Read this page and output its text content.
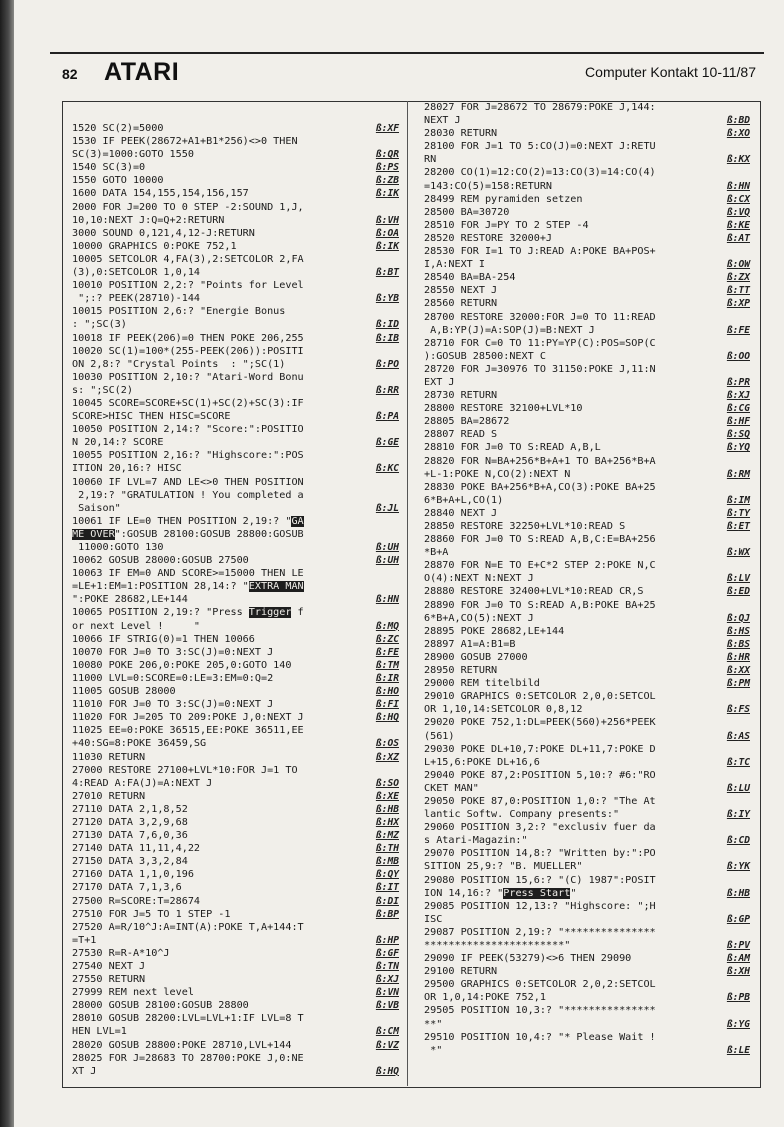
82 ATARI	Computer Kontakt 10-11/87
1520 SC(2)=5000	ß:XF
1530 IF PEEK(28672+A1+B1*256)<>0 THEN
SC(3)=1000:GOTO 1550	ß:QR
1540 SC(3)=0	ß:PS
1550 GOTO 10000	ß:ZB
1600 DATA 154,155,154,156,157	ß:IK
2000 FOR J=200 TO 0 STEP -2:SOUND 1,J,
10,10:NEXT J:Q=Q+2:RETURN	ß:VH
3000 SOUND 0,121,4,12-J:RETURN	ß:OA
10000 GRAPHICS 0:POKE 752,1	ß:IK
10005 SETCOLOR 4,FA(3),2:SETCOLOR 2,FA
(3),0:SETCOLOR 1,0,14	ß:BT
10010 POSITION 2,2:? "Points for Level
";:? PEEK(28710)-144	ß:YB
10015 POSITION 2,6:? "Energie Bonus
: ";SC(3)	ß:ID
10018 IF PEEK(206)=0 THEN POKE 206,255	ß:IB
10020 SC(1)=100*(255-PEEK(206)):POSITI
ON 2,8:? "Crystal Points  : ";SC(1)	ß:PO
10030 POSITION 2,10:? "Atari-Word Bonu
s: ";SC(2)	ß:RR
10045 SCORE=SCORE+SC(1)+SC(2)+SC(3):IF
SCORE>HISC THEN HISC=SCORE	ß:PA
10050 POSITION 2,14:? "Score:":POSITIO
N 20,14:? SCORE	ß:GE
10055 POSITION 2,16:? "Highscore:":POS
ITION 20,16:? HISC	ß:KC
10060 IF LVL=7 AND LE<>0 THEN POSITION
2,19:? "GRATULATION ! You completed a
Saison"	ß:JL
10061 IF LE=0 THEN POSITION 2,19:? "GA
ME OVER":GOSUB 28100:GOSUB 28800:GOSUB
11000:GOTO 130	ß:UH
10062 GOSUB 28000:GOSUB 27500	ß:UH
10063 IF EM=0 AND SCORE>=15000 THEN LE
=LE+1:EM=1:POSITION 28,14:? "EXTRA MAN
":POKE 28682,LE+144	ß:HN
10065 POSITION 2,19:? "Press Trigger f
or next Level !     "	ß:MQ
10066 IF STRIG(0)=1 THEN 10066	ß:ZC
10070 FOR J=0 TO 3:SC(J)=0:NEXT J	ß:FE
10080 POKE 206,0:POKE 205,0:GOTO 140	ß:TM
11000 LVL=0:SCORE=0:LE=3:EM=0:Q=2	ß:IR
11005 GOSUB 28000	ß:HO
11010 FOR J=0 TO 3:SC(J)=0:NEXT J	ß:FI
11020 FOR J=205 TO 209:POKE J,0:NEXT J	ß:HQ
11025 EE=0:POKE 36515,EE:POKE 36511,EE
+40:SG=8:POKE 36459,SG	ß:OS
11030 RETURN	ß:XZ
27000 RESTORE 27100+LVL*10:FOR J=1 TO
4:READ A:FA(J)=A:NEXT J	ß:SO
27010 RETURN	ß:XE
27110 DATA 2,1,8,52	ß:HB
27120 DATA 3,2,9,68	ß:HX
27130 DATA 7,6,0,36	ß:MZ
27140 DATA 11,11,4,22	ß:TH
27150 DATA 3,3,2,84	ß:MB
27160 DATA 1,1,0,196	ß:QY
27170 DATA 7,1,3,6	ß:IT
27500 R=SCORE:T=28674	ß:DI
27510 FOR J=5 TO 1 STEP -1	ß:BP
27520 A=R/10^J:A=INT(A):POKE T,A+144:T
=T+1	ß:HP
27530 R=R-A*10^J	ß:GF
27540 NEXT J	ß:TN
27550 RETURN	ß:XJ
27999 REM next level	ß:VN
28000 GOSUB 28100:GOSUB 28800	ß:VB
28010 GOSUB 28200:LVL=LVL+1:IF LVL=8 T
HEN LVL=1	ß:CM
28020 GOSUB 28800:POKE 28710,LVL+144	ß:VZ
28025 FOR J=28683 TO 28700:POKE J,0:NE
XT J	ß:HQ
28027 FOR J=28672 TO 28679:POKE J,144:
NEXT J	ß:BD
28030 RETURN	ß:XO
28100 FOR J=1 TO 5:CO(J)=0:NEXT J:RETU
RN	ß:KX
28200 CO(1)=12:CO(2)=13:CO(3)=14:CO(4)
=143:CO(5)=158:RETURN	ß:HN
28499 REM pyramiden setzen	ß:CX
28500 BA=30720	ß:VQ
28510 FOR J=PY TO 2 STEP -4	ß:KE
28520 RESTORE 32000+J	ß:AT
28530 FOR I=1 TO J:READ A:POKE BA+POS+
I,A:NEXT I	ß:OW
28540 BA=BA-254	ß:ZX
28550 NEXT J	ß:TT
28560 RETURN	ß:XP
28700 RESTORE 32000:FOR J=0 TO 11:READ
A,B:YP(J)=A:SOP(J)=B:NEXT J	ß:FE
28710 FOR C=0 TO 11:PY=YP(C):POS=SOP(C
):GOSUB 28500:NEXT C	ß:OO
28720 FOR J=30976 TO 31150:POKE J,11:N
EXT J	ß:PR
28730 RETURN	ß:XJ
28800 RESTORE 32100+LVL*10	ß:CG
28805 BA=28672	ß:HF
28807 READ S	ß:SQ
28810 FOR J=0 TO S:READ A,B,L	ß:YQ
28820 FOR N=BA+256*B+A+1 TO BA+256*B+A
+L-1:POKE N,CO(2):NEXT N	ß:RM
28830 POKE BA+256*B+A,CO(3):POKE BA+25
6*B+A+L,CO(1)	ß:IM
28840 NEXT J	ß:TY
28850 RESTORE 32250+LVL*10:READ S	ß:ET
28860 FOR J=0 TO S:READ A,B,C:E=BA+256
*B+A	ß:WX
28870 FOR N=E TO E+C*2 STEP 2:POKE N,C
O(4):NEXT N:NEXT J	ß:LV
28880 RESTORE 32400+LVL*10:READ CR,S	ß:ED
28890 FOR J=0 TO S:READ A,B:POKE BA+25
6*B+A,CO(5):NEXT J	ß:QJ
28895 POKE 28682,LE+144	ß:HS
28897 A1=A:B1=B	ß:BS
28900 GOSUB 27000	ß:HR
28950 RETURN	ß:XX
29000 REM titelbild	ß:PM
29010 GRAPHICS 0:SETCOLOR 2,0,0:SETCOL
OR 1,10,14:SETCOLOR 0,8,12	ß:FS
29020 POKE 752,1:DL=PEEK(560)+256*PEEK
(561)	ß:AS
29030 POKE DL+10,7:POKE DL+11,7:POKE D
L+15,6:POKE DL+16,6	ß:TC
29040 POKE 87,2:POSITION 5,10:? #6:"RO
CKET MAN"	ß:LU
29050 POKE 87,0:POSITION 1,0:? "The At
lantic Softw. Company presents:"	ß:IY
29060 POSITION 3,2:? "exclusiv fuer da
s Atari-Magazin:"	ß:CD
29070 POSITION 14,8:? "Written by:":PO
SITION 25,9:? "B. MUELLER"	ß:YK
29080 POSITION 15,6:? "(C) 1987":POSIT
ION 14,16:? "Press Start"	ß:HB
29085 POSITION 12,13:? "Highscore: ";H
ISC	ß:GP
29087 POSITION 2,19:? "***************
***********************"	ß:PV
29090 IF PEEK(53279)<>6 THEN 29090	ß:AM
29100 RETURN	ß:XH
29500 GRAPHICS 0:SETCOLOR 2,0,2:SETCOL
OR 1,0,14:POKE 752,1	ß:PB
29505 POSITION 10,3:? "***************
**"	ß:YG
29510 POSITION 10,4:? "* Please Wait !
*"	ß:LE
